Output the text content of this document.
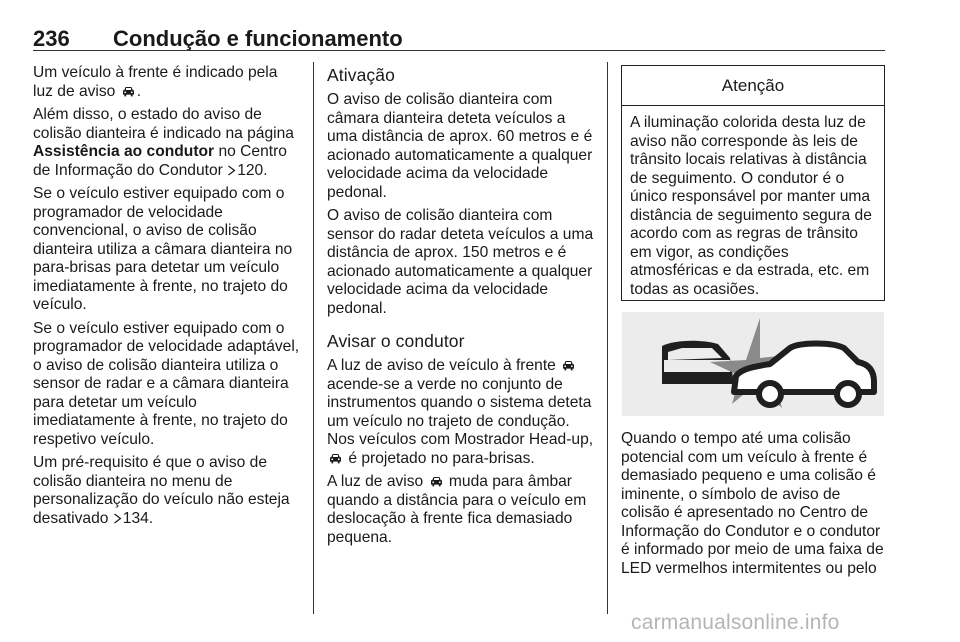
236 Condução e funcionamento

Um veículo à frente é indicado pela luz de aviso .

Além disso, o estado do aviso de colisão dianteira é indicado na página Assistência ao condutor no Centro de Informação do Condutor 120.

Se o veículo estiver equipado com o programador de velocidade convencional, o aviso de colisão dianteira utiliza a câmara dianteira no para-brisas para detetar um veículo imediatamente à frente, no trajeto do veículo.

Se o veículo estiver equipado com o programador de velocidade adaptável, o aviso de colisão dianteira utiliza o sensor de radar e a câmara dianteira para detetar um veículo imediatamente à frente, no trajeto do respetivo veículo.

Um pré-requisito é que o aviso de colisão dianteira no menu de personalização do veículo não esteja desativado 134.

Ativação

O aviso de colisão dianteira com câmara dianteira deteta veículos a uma distância de aprox. 60 metros e é acionado automaticamente a qualquer velocidade acima da velocidade pedonal.

O aviso de colisão dianteira com sensor do radar deteta veículos a uma distância de aprox. 150 metros e é acionado automaticamente a qualquer velocidade acima da velocidade pedonal.

Avisar o condutor

A luz de aviso de veículo à frente  acende-se a verde no conjunto de instrumentos quando o sistema deteta um veículo no trajeto de condução. Nos veículos com Mostrador Head-up,  é projetado no para-brisas.

A luz de aviso muda para âmbar quando a distância para o veículo em deslocação à frente fica demasiado pequena.

Atenção
A iluminação colorida desta luz de aviso não corresponde às leis de trânsito locais relativas à distância de seguimento. O condutor é o único responsável por manter uma distância de seguimento segura de acordo com as regras de trânsito em vigor, as condições atmosféricas e da estrada, etc. em todas as ocasiões.
Quando o tempo até uma colisão potencial com um veículo à frente é demasiado pequeno e uma colisão é iminente, o símbolo de aviso de colisão é apresentado no Centro de Informação do Condutor e o condutor é informado por meio de uma faixa de LED vermelhos intermitentes ou pelo
carmanualsonline.info
